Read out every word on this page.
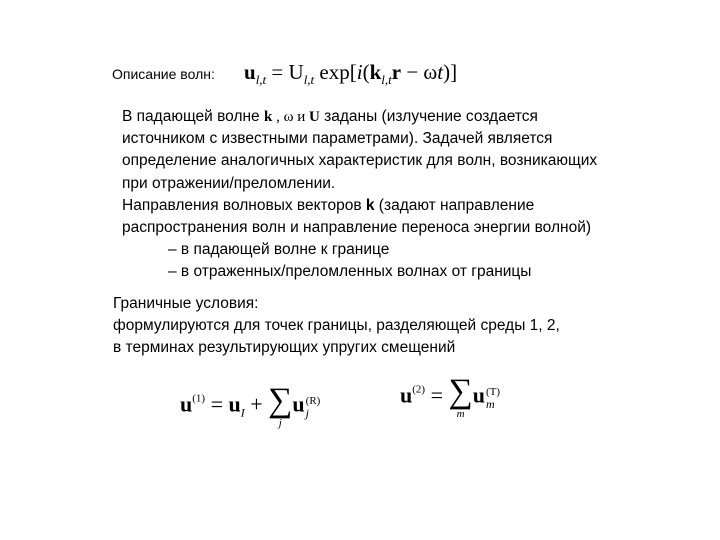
Описание волн: $u_{l,t} = U_{l,t}$ $\exp[i(k_{l,t}r - \omega t)]$
В падающей волне k , ω и U заданы (излучение создается
источником с известными параметрами). Задачей является
определение аналогичных характеристик для волн, возникающих
при отражении/преломлении.
Направления волновых векторов k (задают направление
распространения волн и направление переноса энергии волной)
– в падающей волне к границе
– в отраженных/преломленных волнах от границы
Граничные условия:
формулируются для точек границы, разделяющей среды 1, 2,
в терминах результирующих упругих смещений
$u^{(1)} = u_I$ + ∑
j
u (R)
j
$u^{(2)}$ = ∑
m
u (T)
m
